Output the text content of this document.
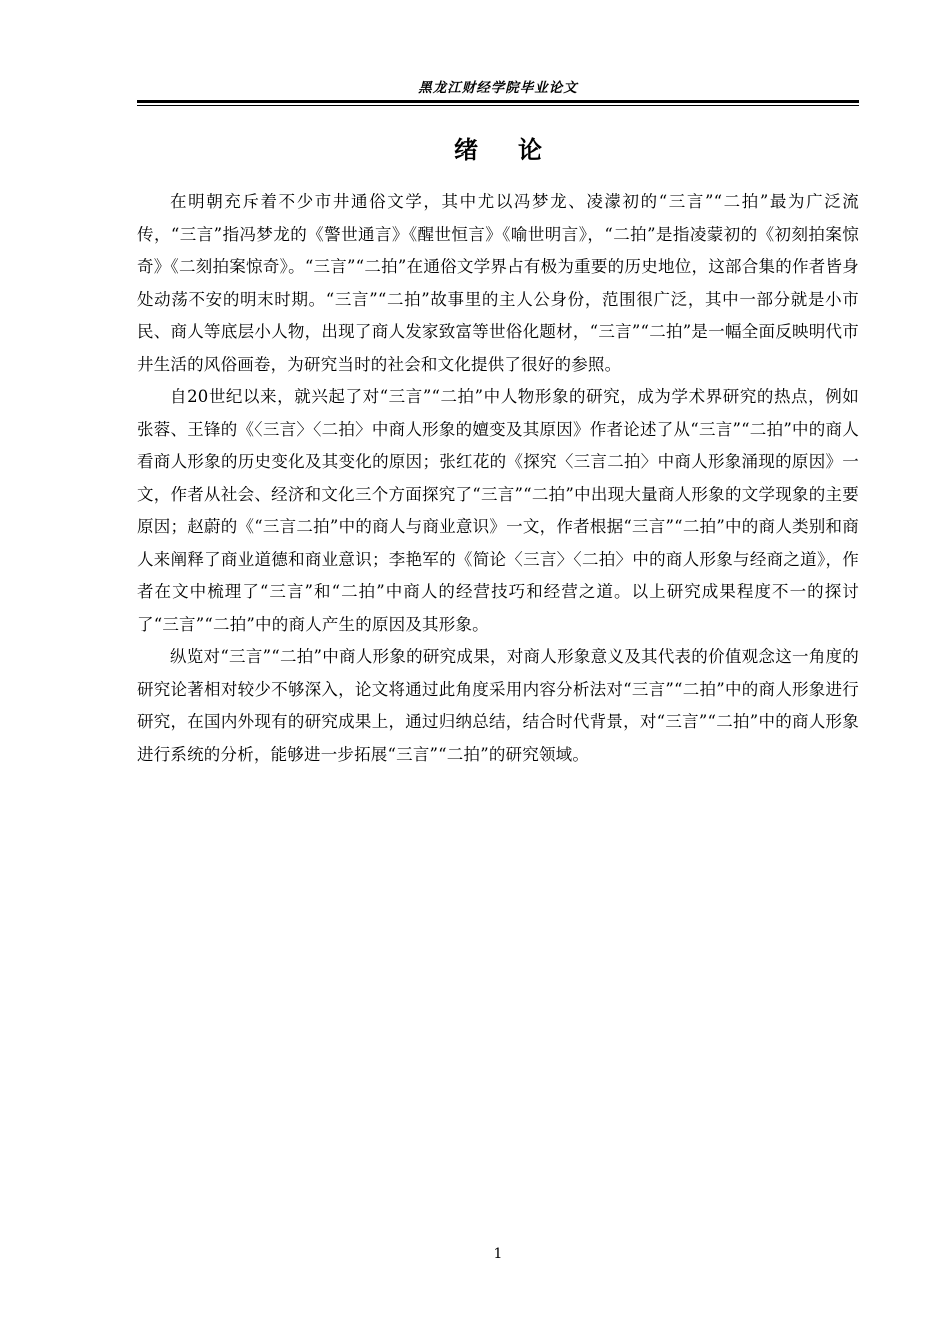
黑龙江财经学院毕业论文
绪论

在明朝充斥着不少市井通俗文学，其中尤以冯梦龙、凌濛初的“三言”“二拍”最为广泛流传，“三言”指冯梦龙的《警世通言》《醒世恒言》《喻世明言》，“二拍”是指凌蒙初的《初刻拍案惊奇》《二刻拍案惊奇》。“三言”“二拍”在通俗文学界占有极为重要的历史地位，这部合集的作者皆身处动荡不安的明末时期。“三言”“二拍”故事里的主人公身份，范围很广泛，其中一部分就是小市民、商人等底层小人物，出现了商人发家致富等世俗化题材，“三言”“二拍”是一幅全面反映明代市井生活的风俗画卷，为研究当时的社会和文化提供了很好的参照。

自20世纪以来，就兴起了对“三言”“二拍”中人物形象的研究，成为学术界研究的热点，例如张蓉、王锋的《〈三言〉〈二拍〉中商人形象的嬗变及其原因》作者论述了从“三言”“二拍”中的商人看商人形象的历史变化及其变化的原因；张红花的《探究〈三言二拍〉中商人形象涌现的原因》一文，作者从社会、经济和文化三个方面探究了“三言”“二拍”中出现大量商人形象的文学现象的主要原因；赵蔚的《“三言二拍”中的商人与商业意识》一文，作者根据“三言”“二拍”中的商人类别和商人来阐释了商业道德和商业意识；李艳军的《简论〈三言〉〈二拍〉中的商人形象与经商之道》，作者在文中梳理了“三言”和“二拍”中商人的经营技巧和经营之道。以上研究成果程度不一的探讨了“三言”“二拍”中的商人产生的原因及其形象。

纵览对“三言”“二拍”中商人形象的研究成果，对商人形象意义及其代表的价值观念这一角度的研究论著相对较少不够深入，论文将通过此角度采用内容分析法对“三言”“二拍”中的商人形象进行研究，在国内外现有的研究成果上，通过归纳总结，结合时代背景，对“三言”“二拍”中的商人形象进行系统的分析，能够进一步拓展“三言”“二拍”的研究领域。

1
